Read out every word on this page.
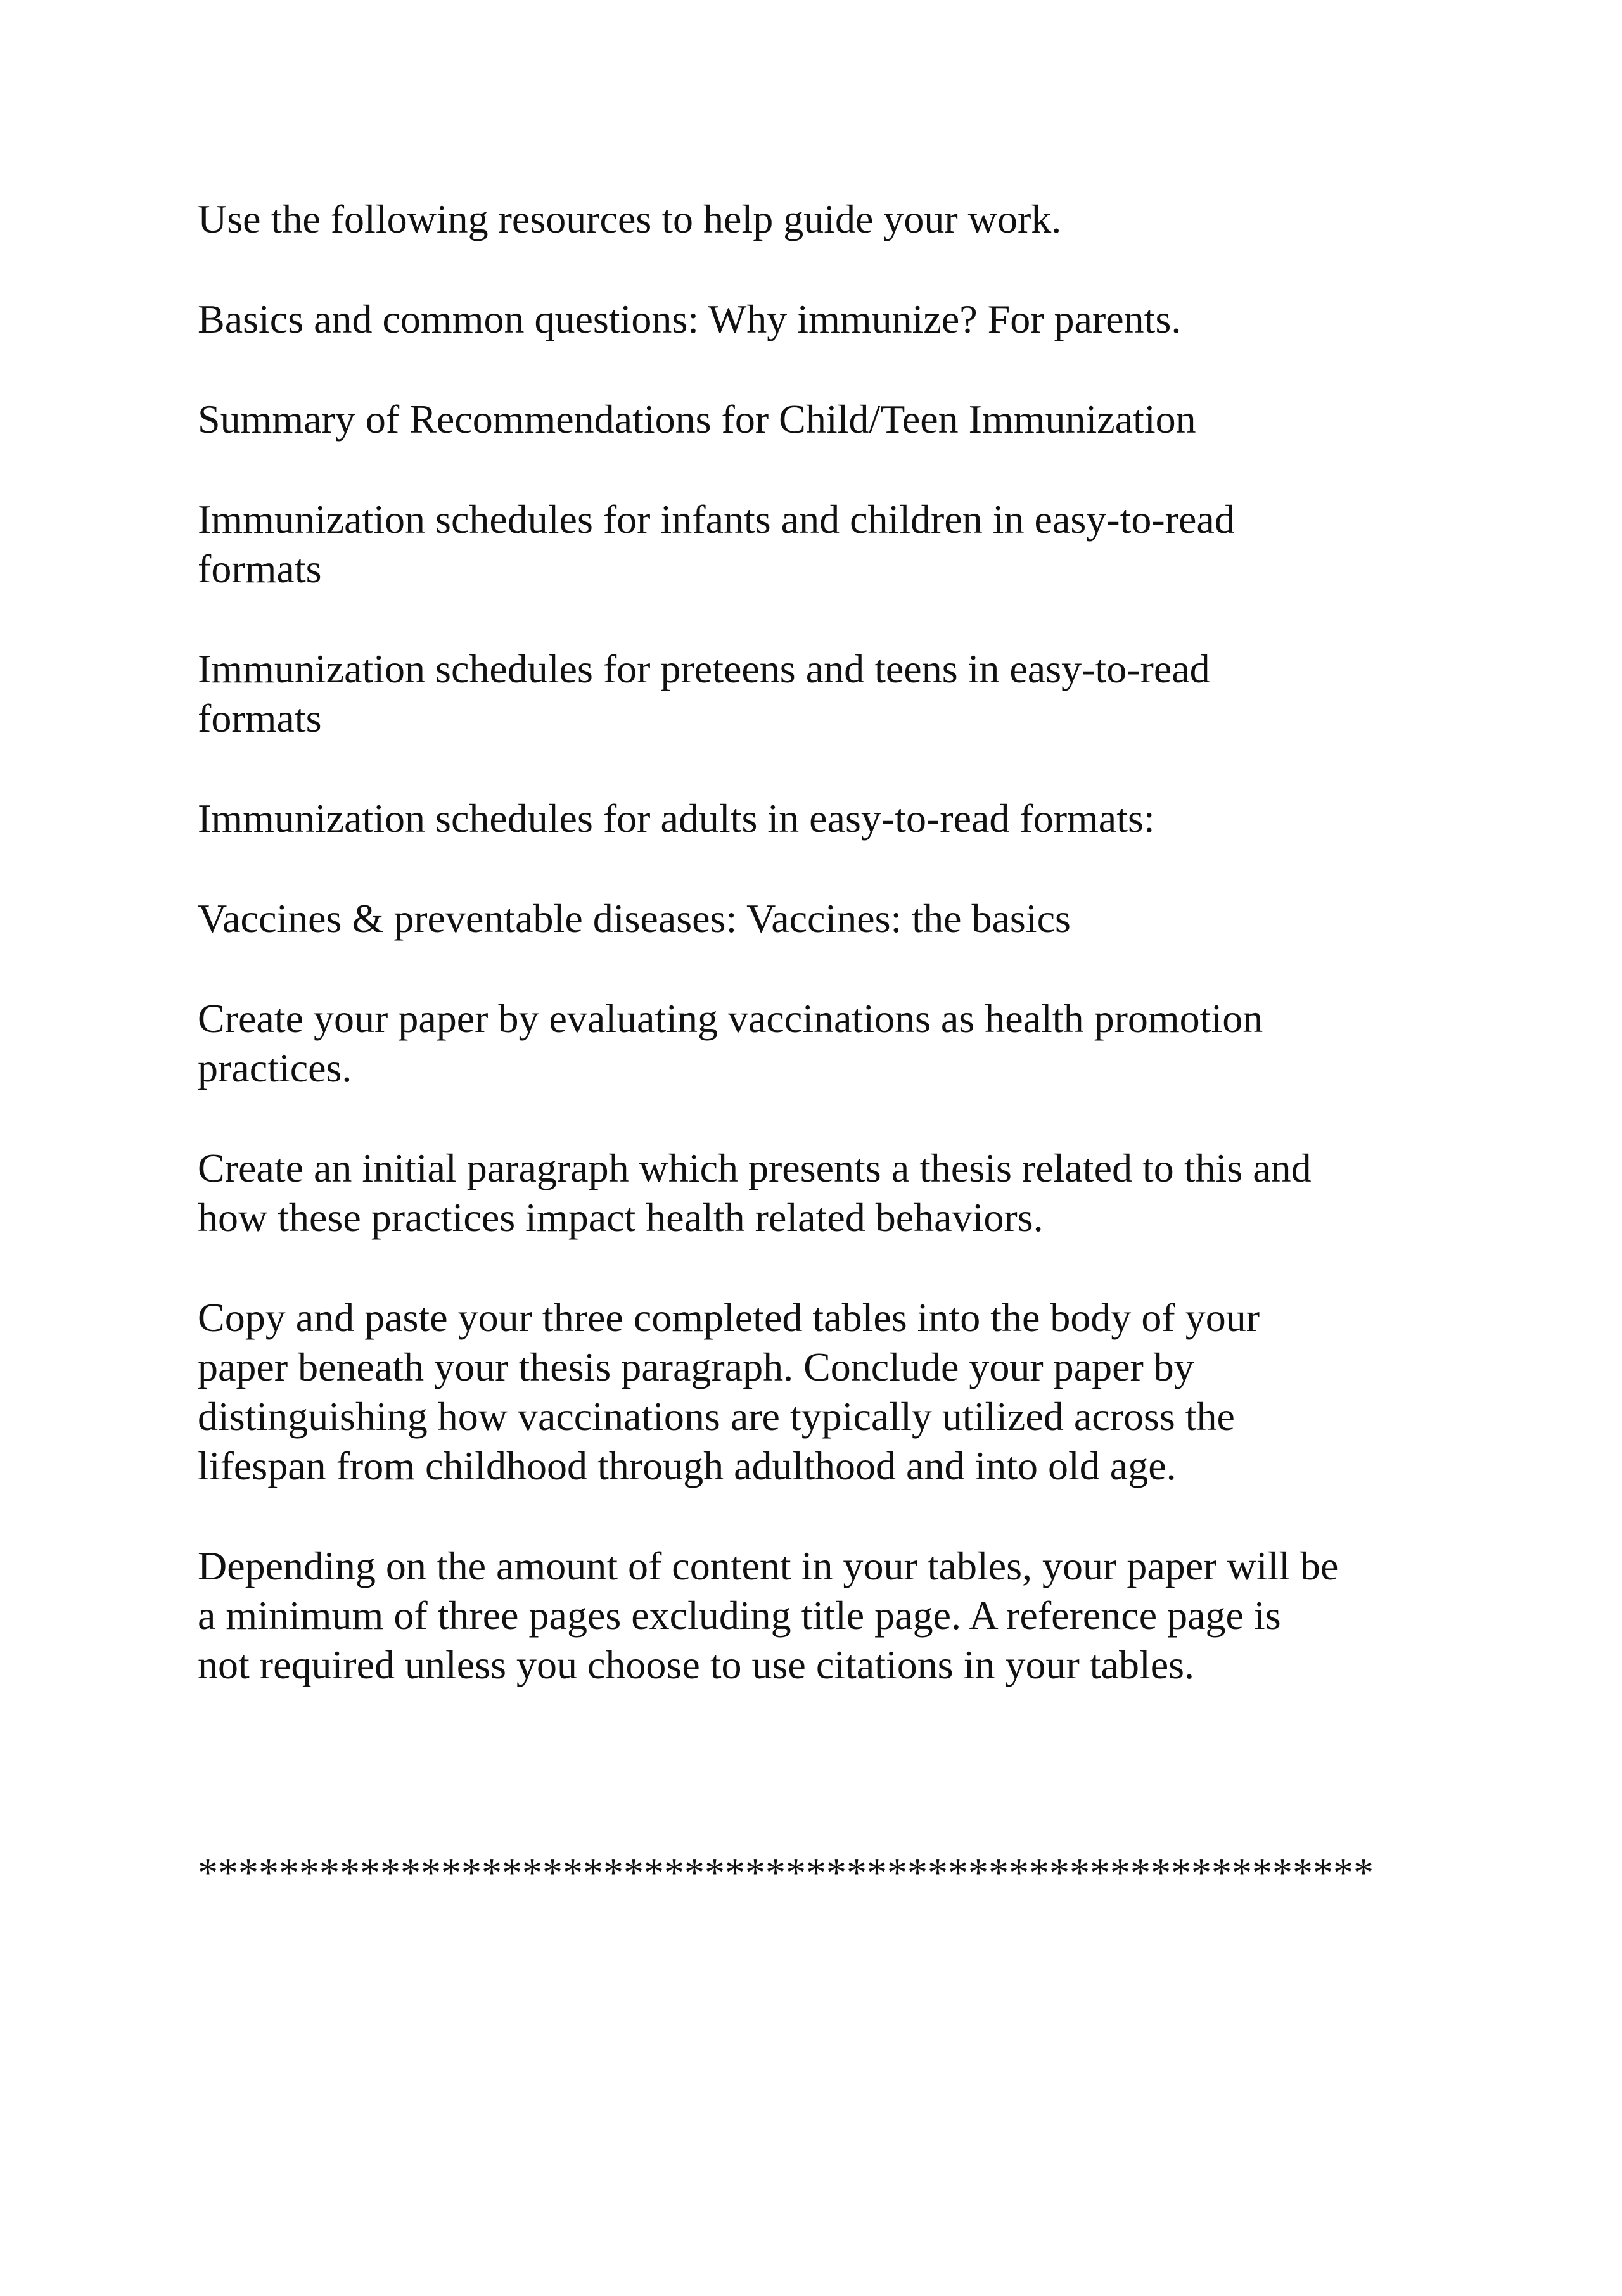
Use the following resources to help guide your work.

Basics and common questions: Why immunize? For parents.

Summary of Recommendations for Child/Teen Immunization

Immunization schedules for infants and children in easy-to-read
formats

Immunization schedules for preteens and teens in easy-to-read
formats

Immunization schedules for adults in easy-to-read formats:

Vaccines & preventable diseases: Vaccines: the basics

Create your paper by evaluating vaccinations as health promotion
practices.

Create an initial paragraph which presents a thesis related to this and
how these practices impact health related behaviors.

Copy and paste your three completed tables into the body of your
paper beneath your thesis paragraph. Conclude your paper by
distinguishing how vaccinations are typically utilized across the
lifespan from childhood through adulthood and into old age.

Depending on the amount of content in your tables, your paper will be
a minimum of three pages excluding title page. A reference page is
not required unless you choose to use citations in your tables.

**********************************************************
